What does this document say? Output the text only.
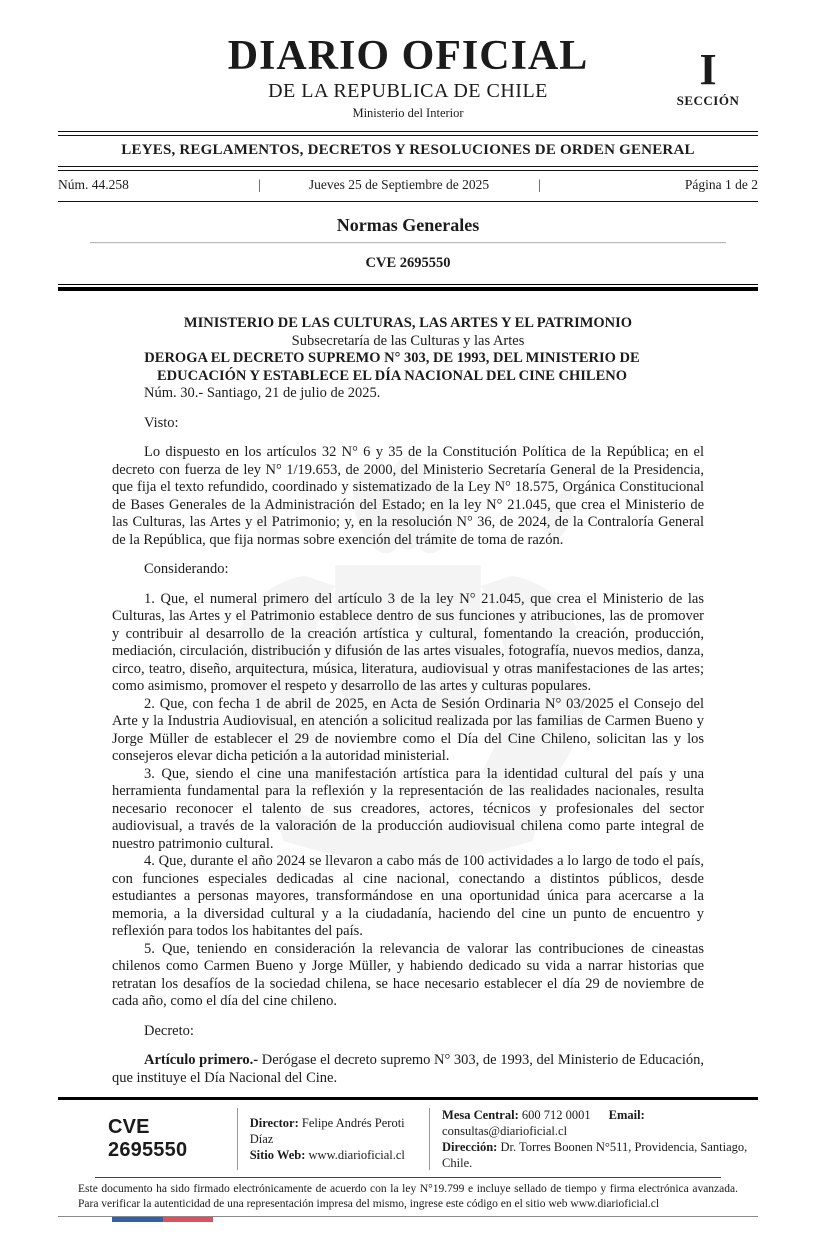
DIARIO OFICIAL
DE LA REPUBLICA DE CHILE
Ministerio del Interior
I
SECCIÓN
LEYES, REGLAMENTOS, DECRETOS Y RESOLUCIONES DE ORDEN GENERAL
Núm. 44.258	|	Jueves 25 de Septiembre de 2025	|	Página 1 de 2
Normas Generales
CVE 2695550

MINISTERIO DE LAS CULTURAS, LAS ARTES Y EL PATRIMONIO

Subsecretaría de las Culturas y las Artes

DEROGA EL DECRETO SUPREMO N° 303, DE 1993, DEL MINISTERIO DE EDUCACIÓN Y ESTABLECE EL DÍA NACIONAL DEL CINE CHILENO

Núm. 30.- Santiago, 21 de julio de 2025.

Visto:

Lo dispuesto en los artículos 32 N° 6 y 35 de la Constitución Política de la República; en el decreto con fuerza de ley N° 1/19.653, de 2000, del Ministerio Secretaría General de la Presidencia, que fija el texto refundido, coordinado y sistematizado de la Ley N° 18.575, Orgánica Constitucional de Bases Generales de la Administración del Estado; en la ley N° 21.045, que crea el Ministerio de las Culturas, las Artes y el Patrimonio; y, en la resolución N° 36, de 2024, de la Contraloría General de la República, que fija normas sobre exención del trámite de toma de razón.

Considerando:

1. Que, el numeral primero del artículo 3 de la ley N° 21.045, que crea el Ministerio de las Culturas, las Artes y el Patrimonio establece dentro de sus funciones y atribuciones, las de promover y contribuir al desarrollo de la creación artística y cultural, fomentando la creación, producción, mediación, circulación, distribución y difusión de las artes visuales, fotografía, nuevos medios, danza, circo, teatro, diseño, arquitectura, música, literatura, audiovisual y otras manifestaciones de las artes; como asimismo, promover el respeto y desarrollo de las artes y culturas populares.

2. Que, con fecha 1 de abril de 2025, en Acta de Sesión Ordinaria N° 03/2025 el Consejo del Arte y la Industria Audiovisual, en atención a solicitud realizada por las familias de Carmen Bueno y Jorge Müller de establecer el 29 de noviembre como el Día del Cine Chileno, solicitan las y los consejeros elevar dicha petición a la autoridad ministerial.

3. Que, siendo el cine una manifestación artística para la identidad cultural del país y una herramienta fundamental para la reflexión y la representación de las realidades nacionales, resulta necesario reconocer el talento de sus creadores, actores, técnicos y profesionales del sector audiovisual, a través de la valoración de la producción audiovisual chilena como parte integral de nuestro patrimonio cultural.

4. Que, durante el año 2024 se llevaron a cabo más de 100 actividades a lo largo de todo el país, con funciones especiales dedicadas al cine nacional, conectando a distintos públicos, desde estudiantes a personas mayores, transformándose en una oportunidad única para acercarse a la memoria, a la diversidad cultural y a la ciudadanía, haciendo del cine un punto de encuentro y reflexión para todos los habitantes del país.

5. Que, teniendo en consideración la relevancia de valorar las contribuciones de cineastas chilenos como Carmen Bueno y Jorge Müller, y habiendo dedicado su vida a narrar historias que retratan los desafíos de la sociedad chilena, se hace necesario establecer el día 29 de noviembre de cada año, como el día del cine chileno.

Decreto:

Artículo primero.- Derógase el decreto supremo N° 303, de 1993, del Ministerio de Educación, que instituye el Día Nacional del Cine.

CVE 2695550
Director: Felipe Andrés Peroti Díaz
Sitio Web: www.diarioficial.cl
Mesa Central: 600 712 0001 Email: consultas@diarioficial.cl
Dirección: Dr. Torres Boonen N°511, Providencia, Santiago, Chile.

Este documento ha sido firmado electrónicamente de acuerdo con la ley N°19.799 e incluye sellado de tiempo y firma electrónica avanzada. Para verificar la autenticidad de una representación impresa del mismo, ingrese este código en el sitio web www.diarioficial.cl
